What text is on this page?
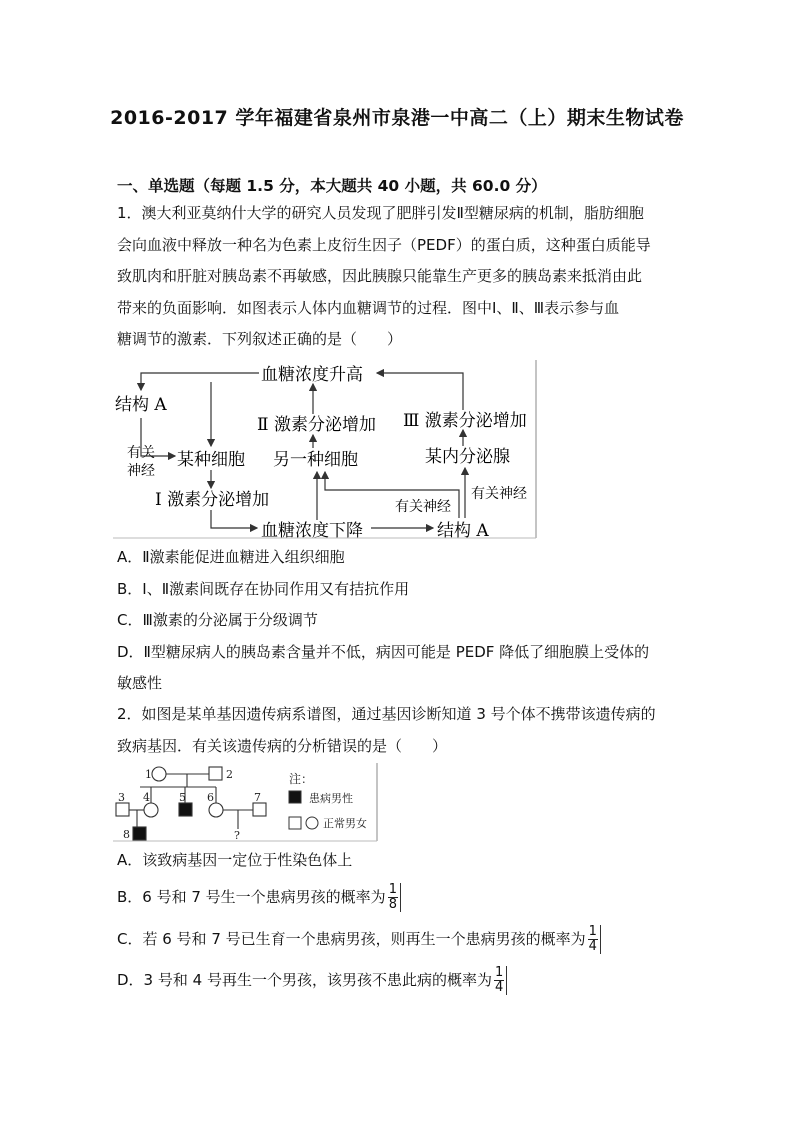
2016-2017 学年福建省泉州市泉港一中高二（上）期末生物试卷
一、单选题（每题 1.5 分，本大题共 40 小题，共 60.0 分）
1．澳大利亚莫纳什大学的研究人员发现了肥胖引发Ⅱ型糖尿病的机制，脂肪细胞
会向血液中释放一种名为色素上皮衍生因子（PEDF）的蛋白质，这种蛋白质能导
致肌肉和肝脏对胰岛素不再敏感，因此胰腺只能靠生产更多的胰岛素来抵消由此
带来的负面影响．如图表示人体内血糖调节的过程．图中Ⅰ、Ⅱ、Ⅲ表示参与血
糖调节的激素．下列叙述正确的是（　　）
血糖浓度升高
结构 A
Ⅱ 激素分泌增加 Ⅲ 激素分泌增加
有关
神经
某种细胞 另一种细胞	某内分泌腺
Ⅰ 激素分泌增加	有关神经
有关神经
血糖浓度下降	结构 A
A．Ⅱ激素能促进血糖进入组织细胞
B．Ⅰ、Ⅱ激素间既存在协同作用又有拮抗作用
C．Ⅲ激素的分泌属于分级调节
D．Ⅱ型糖尿病人的胰岛素含量并不低，病因可能是 PEDF 降低了细胞膜上受体的
敏感性
2．如图是某单基因遗传病系谱图，通过基因诊断知道 3 号个体不携带该遗传病的
致病基因．有关该遗传病的分析错误的是（　　）
1	2
3 4	5 6	7
8	?
注：
患病男性
正常男女
A．该致病基因一定位于性染色体上
B．6 号和 7 号生一个患病男孩的概率为 $\frac{1}{8}$
C．若 6 号和 7 号已生育一个患病男孩，则再生一个患病男孩的概率为 $\frac{1}{4}$
D．3 号和 4 号再生一个男孩，该男孩不患此病的概率为 $\frac{1}{4}$
